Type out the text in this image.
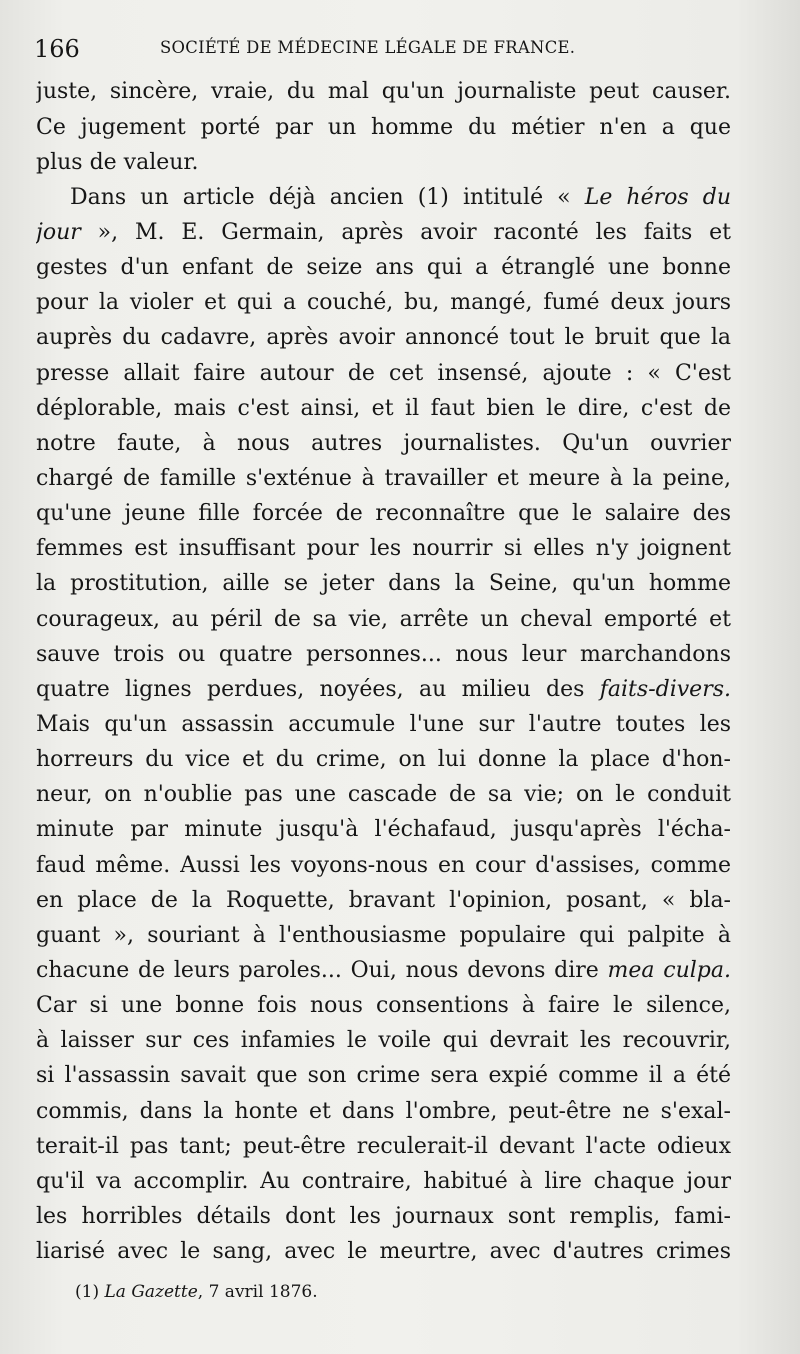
166	SOCIÉTÉ DE MÉDECINE LÉGALE DE FRANCE.
juste, sincère, vraie, du mal qu'un journaliste peut causer.
Ce jugement porté par un homme du métier n'en a que
plus de valeur.
Dans un article déjà ancien (1) intitulé « Le héros du
jour », M. E. Germain, après avoir raconté les faits et
gestes d'un enfant de seize ans qui a étranglé une bonne
pour la violer et qui a couché, bu, mangé, fumé deux jours
auprès du cadavre, après avoir annoncé tout le bruit que la
presse allait faire autour de cet insensé, ajoute : « C'est
déplorable, mais c'est ainsi, et il faut bien le dire, c'est de
notre faute, à nous autres journalistes. Qu'un ouvrier
chargé de famille s'exténue à travailler et meure à la peine,
qu'une jeune fille forcée de reconnaître que le salaire des
femmes est insuffisant pour les nourrir si elles n'y joignent
la prostitution, aille se jeter dans la Seine, qu'un homme
courageux, au péril de sa vie, arrête un cheval emporté et
sauve trois ou quatre personnes... nous leur marchandons
quatre lignes perdues, noyées, au milieu des faits-divers.
Mais qu'un assassin accumule l'une sur l'autre toutes les
horreurs du vice et du crime, on lui donne la place d'hon-
neur, on n'oublie pas une cascade de sa vie; on le conduit
minute par minute jusqu'à l'échafaud, jusqu'après l'écha-
faud même. Aussi les voyons-nous en cour d'assises, comme
en place de la Roquette, bravant l'opinion, posant, « bla-
guant », souriant à l'enthousiasme populaire qui palpite à
chacune de leurs paroles... Oui, nous devons dire mea culpa.
Car si une bonne fois nous consentions à faire le silence,
à laisser sur ces infamies le voile qui devrait les recouvrir,
si l'assassin savait que son crime sera expié comme il a été
commis, dans la honte et dans l'ombre, peut-être ne s'exal-
terait-il pas tant; peut-être reculerait-il devant l'acte odieux
qu'il va accomplir. Au contraire, habitué à lire chaque jour
les horribles détails dont les journaux sont remplis, fami-
liarisé avec le sang, avec le meurtre, avec d'autres crimes
(1) La Gazette, 7 avril 1876.
